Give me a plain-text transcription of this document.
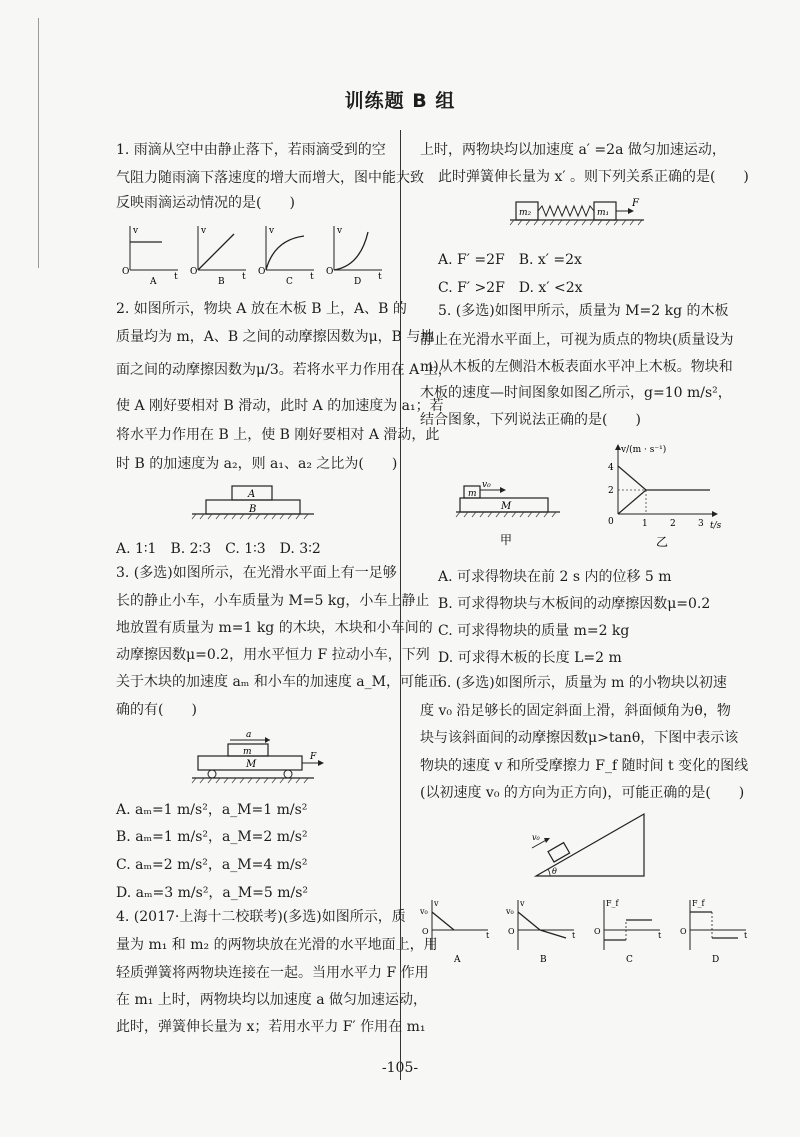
训练题 B 组
1. 雨滴从空中由静止落下，若雨滴受到的空
气阻力随雨滴下落速度的增大而增大，图中能大致
反映雨滴运动情况的是(　　)
v
O	t
A
v
O	t
B
v
O	t
C
v
O	t
D
2. 如图所示，物块 A 放在木板 B 上，A、B 的
质量均为 m，A、B 之间的动摩擦因数为μ，B 与地
面之间的动摩擦因数为μ/3。若将水平力作用在 A 上，
使 A 刚好要相对 B 滑动，此时 A 的加速度为 a₁；若
将水平力作用在 B 上，使 B 刚好要相对 A 滑动，此
时 B 的加速度为 a₂，则 a₁、a₂ 之比为(　　)
A
B
A. 1∶1　B. 2∶3　C. 1∶3　D. 3∶2
3. (多选)如图所示，在光滑水平面上有一足够
长的静止小车，小车质量为 M=5 kg，小车上静止
地放置有质量为 m=1 kg 的木块，木块和小车间的
动摩擦因数μ=0.2，用水平恒力 F 拉动小车，下列
关于木块的加速度 aₘ 和小车的加速度 a_M，可能正
确的有(　　)
a
m
M
F
A. aₘ=1 m/s²，a_M=1 m/s²
B. aₘ=1 m/s²，a_M=2 m/s²
C. aₘ=2 m/s²，a_M=4 m/s²
D. aₘ=3 m/s²，a_M=5 m/s²
4. (2017·上海十二校联考)(多选)如图所示，质
量为 m₁ 和 m₂ 的两物块放在光滑的水平地面上，用
轻质弹簧将两物块连接在一起。当用水平力 F 作用
在 m₁ 上时，两物块均以加速度 a 做匀加速运动，
此时，弹簧伸长量为 x；若用水平力 F′ 作用在 m₁
-105-
上时，两物块均以加速度 a′ =2a 做匀加速运动，
此时弹簧伸长量为 x′ 。则下列关系正确的是(　　)
m₂	m₁
F
A. F′ =2F　B. x′ =2x
C. F′ >2F　D. x′ <2x
5. (多选)如图甲所示，质量为 M=2 kg 的木板
静止在光滑水平面上，可视为质点的物块(质量设为
m)从木板的左侧沿木板表面水平冲上木板。物块和
木板的速度—时间图象如图乙所示，g=10 m/s²，
结合图象，下列说法正确的是(　　)
v₀
m
M
甲
v/(m · s⁻¹)
t/s
0
4
2
1 2 3
乙
A. 可求得物块在前 2 s 内的位移 5 m
B. 可求得物块与木板间的动摩擦因数μ=0.2
C. 可求得物块的质量 m=2 kg
D. 可求得木板的长度 L=2 m
6. (多选)如图所示，质量为 m 的小物块以初速
度 v₀ 沿足够长的固定斜面上滑，斜面倾角为θ，物
块与该斜面间的动摩擦因数μ>tanθ，下图中表示该
物块的速度 v 和所受摩擦力 F_f 随时间 t 变化的图线
(以初速度 v₀ 的方向为正方向)，可能正确的是(　　)
v₀
θ
v
v₀
O	t
A
v
v₀
O	t
B
F_f
O	t
C
F_f
O	t
D
